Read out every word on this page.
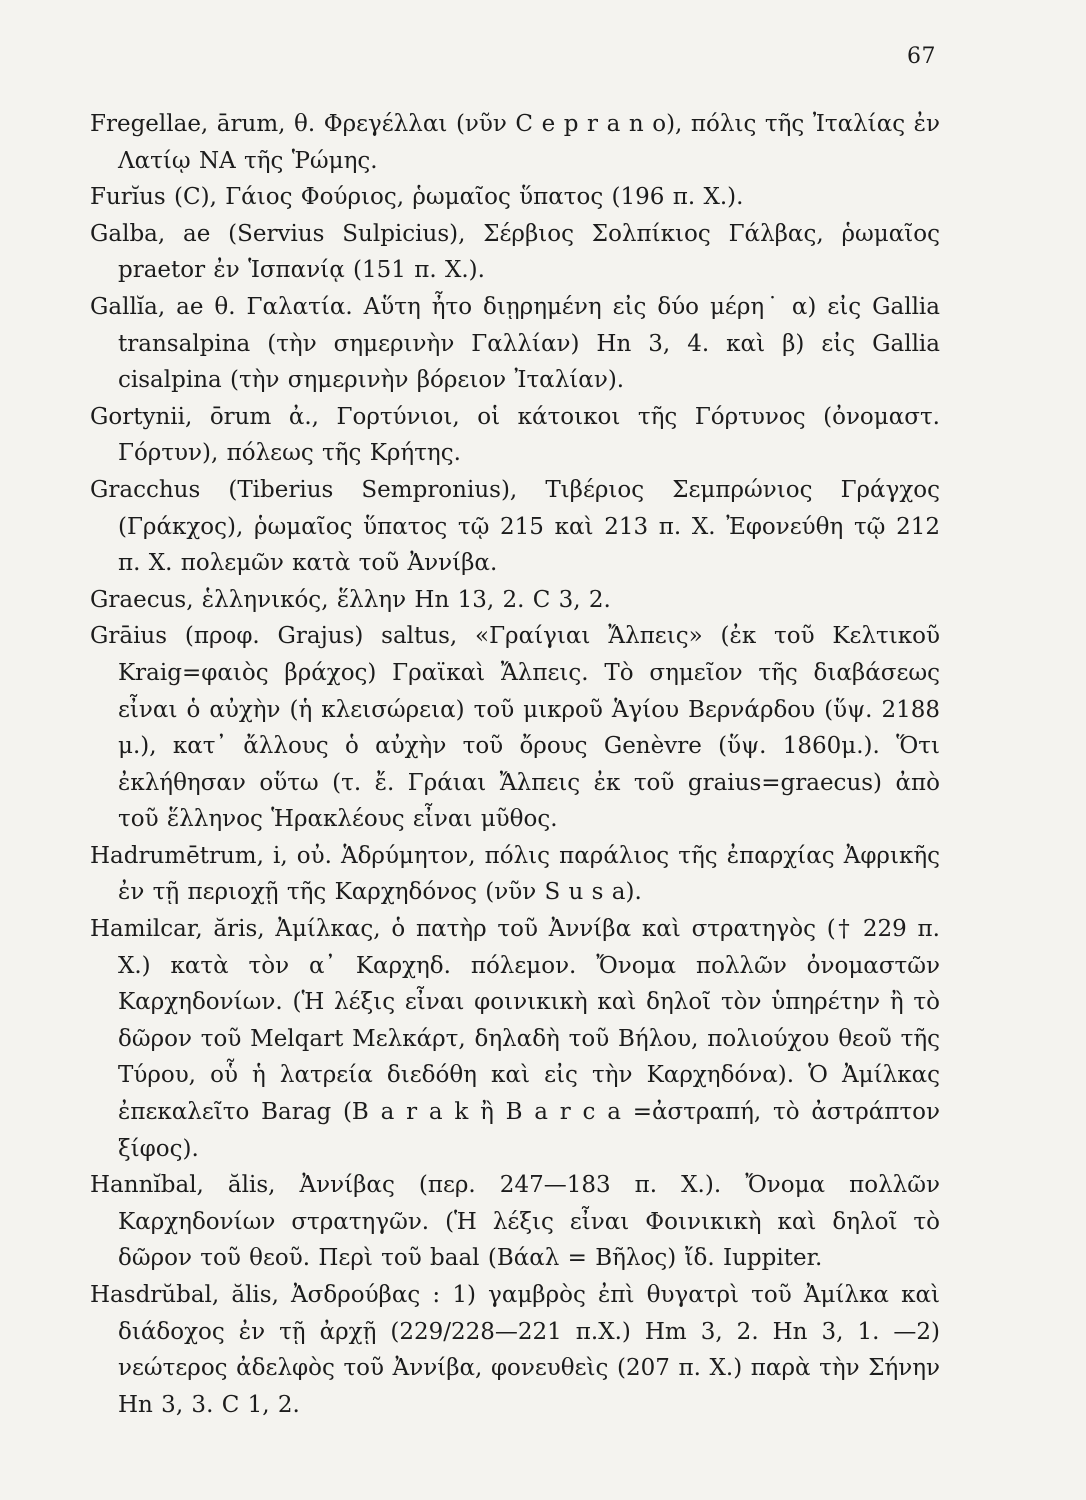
67

Fregellae, ārum, θ. Φρεγέλλαι (νῦν C e p r a n o), πόλις τῆς Ἰταλίας ἐν Λατίῳ ΝΑ τῆς Ῥώμης.

Furĭus (C), Γάιος Φούριος, ῥωμαῖος ὕπατος (196 π. Χ.).

Galba, ae (Servius Sulpicius), Σέρβιος Σολπίκιος Γάλβας, ῥωμαῖος praetor ἐν Ἱσπανίᾳ (151 π. Χ.).

Gallĭa, ae θ. Γαλατία. Αὕτη ἦτο διῃρημένη εἰς δύο μέρη˙ α) εἰς Gallia transalpina (τὴν σημερινὴν Γαλλίαν) Hn 3, 4. καὶ β) εἰς Gallia cisalpina (τὴν σημερινὴν βόρειον Ἰταλίαν).

Gortynii, ōrum ἀ., Γορτύνιοι, οἱ κάτοικοι τῆς Γόρτυνος (ὀνομαστ. Γόρτυν), πόλεως τῆς Κρήτης.

Gracchus (Tiberius Sempronius), Τιβέριος Σεμπρώνιος Γράγχος (Γράκχος), ῥωμαῖος ὕπατος τῷ 215 καὶ 213 π. Χ. Ἐφονεύθη τῷ 212 π. Χ. πολεμῶν κατὰ τοῦ Ἀννίβα.

Graecus, ἑλληνικός, ἕλλην Hn 13, 2. C 3, 2.

Grāius (προφ. Grajus) saltus, «Γραίγιαι Ἄλπεις» (ἐκ τοῦ Κελτικοῦ Kraig=φαιὸς βράχος) Γραϊκαὶ Ἄλπεις. Τὸ σημεῖον τῆς διαβάσεως εἶναι ὁ αὐχὴν (ἡ κλεισώρεια) τοῦ μικροῦ Ἁγίου Βερνάρδου (ὕψ. 2188 μ.), κατ᾽ ἄλλους ὁ αὐχὴν τοῦ ὄρους Genèvre (ὕψ. 1860μ.). Ὅτι ἐκλήθησαν οὕτω (τ. ἔ. Γράιαι Ἄλπεις ἐκ τοῦ graius=graecus) ἀπὸ τοῦ ἕλληνος Ἡρακλέους εἶναι μῦθος.

Hadrumētrum, i, οὐ. Ἁδρύμητον, πόλις παράλιος τῆς ἐπαρχίας Ἀφρικῆς ἐν τῇ περιοχῇ τῆς Καρχηδόνος (νῦν S u s a).

Hamilcar, ăris, Ἀμίλκας, ὁ πατὴρ τοῦ Ἀννίβα καὶ στρατηγὸς († 229 π. Χ.) κατὰ τὸν α᾽ Καρχηδ. πόλεμον. Ὄνομα πολλῶν ὀνομαστῶν Καρχηδονίων. (Ἡ λέξις εἶναι φοινικικὴ καὶ δηλοῖ τὸν ὑπηρέτην ἢ τὸ δῶρον τοῦ Melqart Μελκάρτ, δηλαδὴ τοῦ Βήλου, πολιούχου θεοῦ τῆς Τύρου, οὗ ἡ λατρεία διεδόθη καὶ εἰς τὴν Καρχηδόνα). Ὁ Ἀμίλκας ἐπεκαλεῖτο Barag (B a r a k ἢ B a r c a =ἀστραπή, τὸ ἀστράπτον ξίφος).

Hannĭbal, ălis, Ἀννίβας (περ. 247—183 π. Χ.). Ὄνομα πολλῶν Καρχηδονίων στρατηγῶν. (Ἡ λέξις εἶναι Φοινικικὴ καὶ δηλοῖ τὸ δῶρον τοῦ θεοῦ. Περὶ τοῦ baal (Βάαλ = Βῆλος) ἴδ. Iuppiter.

Hasdrŭbal, ălis, Ἀσδρούβας : 1) γαμβρὸς ἐπὶ θυγατρὶ τοῦ Ἀμίλκα καὶ διάδοχος ἐν τῇ ἀρχῇ (229/228—221 π.Χ.) Hm 3, 2. Hn 3, 1. —2) νεώτερος ἀδελφὸς τοῦ Ἀννίβα, φονευθεὶς (207 π. Χ.) παρὰ τὴν Σήνην Hn 3, 3. C 1, 2.
